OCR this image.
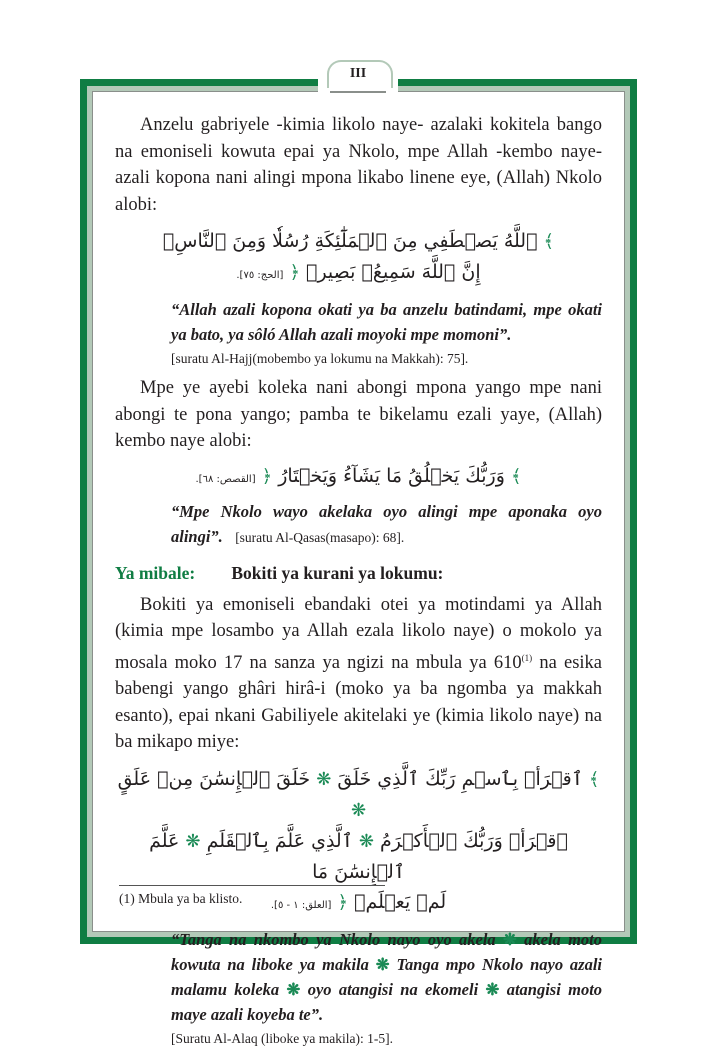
III

Anzelu gabriyele -kimia likolo naye- azalaki kokitela bango na emoniseli kowuta epai ya Nkolo, mpe Allah -kembo naye- azali kopona nani alingi mpona likabo linene eye, (Allah) Nkolo alobi:

﴾ ٱللَّهُ يَصۡطَفِي مِنَ ٱلۡمَلَٰٓئِكَةِ رُسُلٗا وَمِنَ ٱلنَّاسِۚ
إِنَّ ٱللَّهَ سَمِيعُۢ بَصِيرٞ ﴿ [الحج: ٧٥].

“Allah azali kopona okati ya ba anzelu batindami, mpe okati ya bato, ya sôló Allah azali moyoki mpe momoni”.

[suratu Al-Hajj(mobembo ya lokumu na Makkah): 75].

Mpe ye ayebi koleka nani abongi mpona yango mpe nani abongi te pona yango; pamba te bikelamu ezali yaye, (Allah) kembo naye alobi:

﴾ وَرَبُّكَ يَخۡلُقُ مَا يَشَآءُ وَيَخۡتَارُ ﴿ [القصص: ٦٨].

“Mpe Nkolo wayo akelaka oyo alingi mpe aponaka oyo alingi”. [suratu Al-Qasas(masapo): 68].

Ya mibale: Bokiti ya kurani ya lokumu:

Bokiti ya emoniseli ebandaki otei ya motindami ya Allah (kimia mpe losambo ya Allah ezala likolo naye) o mokolo ya mosala moko 17 na sanza ya ngizi na mbula ya 610$^{(1)}$ na esika babengi yango ghâri hirâ-i (moko ya ba ngomba ya makkah esanto), epai nkani Gabiliyele akitelaki ye (kimia likolo naye) na ba mikapo miye:

﴾ ٱقۡرَأۡ بِٱسۡمِ رَبِّكَ ٱلَّذِي خَلَقَ ❋ خَلَقَ ٱلۡإِنسَٰنَ مِنۡ عَلَقٍ ❋
ٱقۡرَأۡ وَرَبُّكَ ٱلۡأَكۡرَمُ ❋ ٱلَّذِي عَلَّمَ بِٱلۡقَلَمِ ❋ عَلَّمَ ٱلۡإِنسَٰنَ مَا
لَمۡ يَعۡلَمۡ ﴿ [العلق: ١ - ٥].

“Tanga na nkombo ya Nkolo nayo oyo akela ❋ akela moto kowuta na liboke ya makila ❋ Tanga mpo Nkolo nayo azali malamu koleka ❋ oyo atangisi na ekomeli ❋ atangisi moto maye azali koyeba te”.

[Suratu Al-Alaq (liboke ya makila): 1-5].
(1) Mbula ya ba klisto.
